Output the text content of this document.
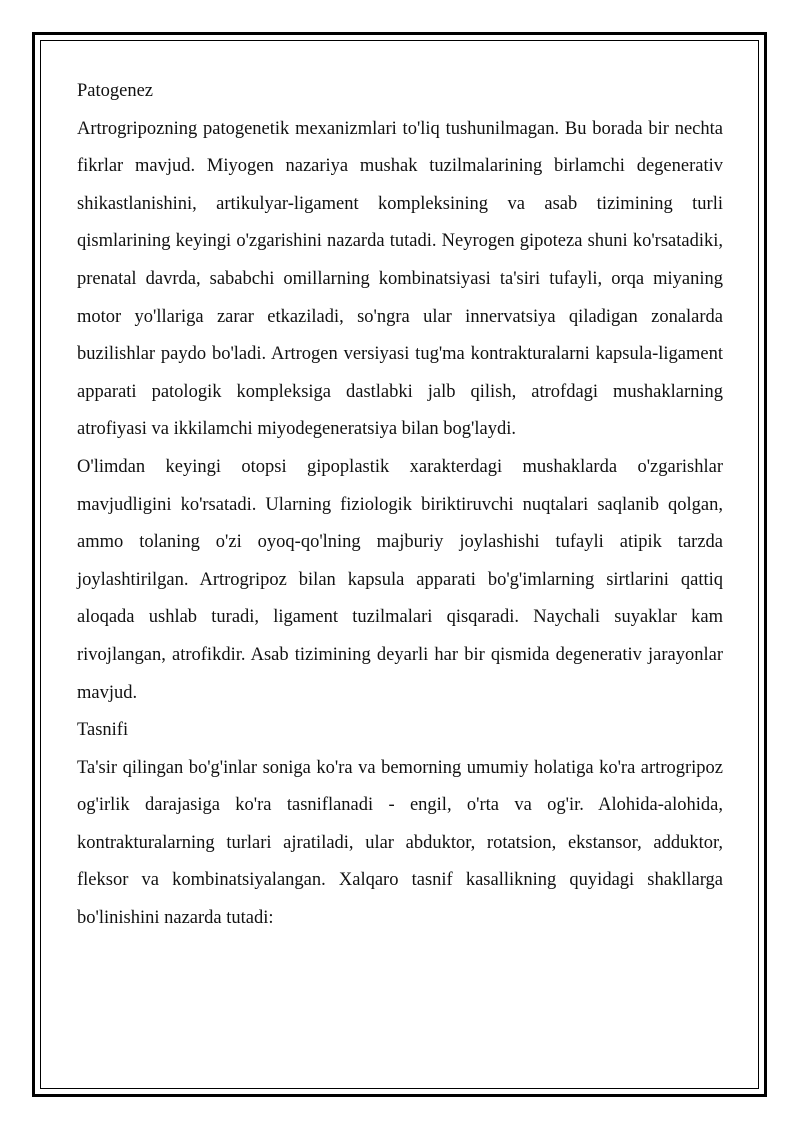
Patogenez

Artrogripozning patogenetik mexanizmlari to'liq tushunilmagan. Bu borada bir nechta fikrlar mavjud. Miyogen nazariya mushak tuzilmalarining birlamchi degenerativ shikastlanishini, artikulyar-ligament kompleksining va asab tizimining turli qismlarining keyingi o'zgarishini nazarda tutadi. Neyrogen gipoteza shuni ko'rsatadiki, prenatal davrda, sababchi omillarning kombinatsiyasi ta'siri tufayli, orqa miyaning motor yo'llariga zarar etkaziladi, so'ngra ular innervatsiya qiladigan zonalarda buzilishlar paydo bo'ladi. Artrogen versiyasi tug'ma kontrakturalarni kapsula-ligament apparati patologik kompleksiga dastlabki jalb qilish, atrofdagi mushaklarning atrofiyasi va ikkilamchi miyodegeneratsiya bilan bog'laydi.

O'limdan keyingi otopsi gipoplastik xarakterdagi mushaklarda o'zgarishlar mavjudligini ko'rsatadi. Ularning fiziologik biriktiruvchi nuqtalari saqlanib qolgan, ammo tolaning o'zi oyoq-qo'lning majburiy joylashishi tufayli atipik tarzda joylashtirilgan. Artrogripoz bilan kapsula apparati bo'g'imlarning sirtlarini qattiq aloqada ushlab turadi, ligament tuzilmalari qisqaradi. Naychali suyaklar kam rivojlangan, atrofikdir. Asab tizimining deyarli har bir qismida degenerativ jarayonlar mavjud.

Tasnifi

Ta'sir qilingan bo'g'inlar soniga ko'ra va bemorning umumiy holatiga ko'ra artrogripoz og'irlik darajasiga ko'ra tasniflanadi - engil, o'rta va og'ir. Alohida-alohida, kontrakturalarning turlari ajratiladi, ular abduktor, rotatsion, ekstansor, adduktor, fleksor va kombinatsiyalangan. Xalqaro tasnif kasallikning quyidagi shakllarga bo'linishini nazarda tutadi:
